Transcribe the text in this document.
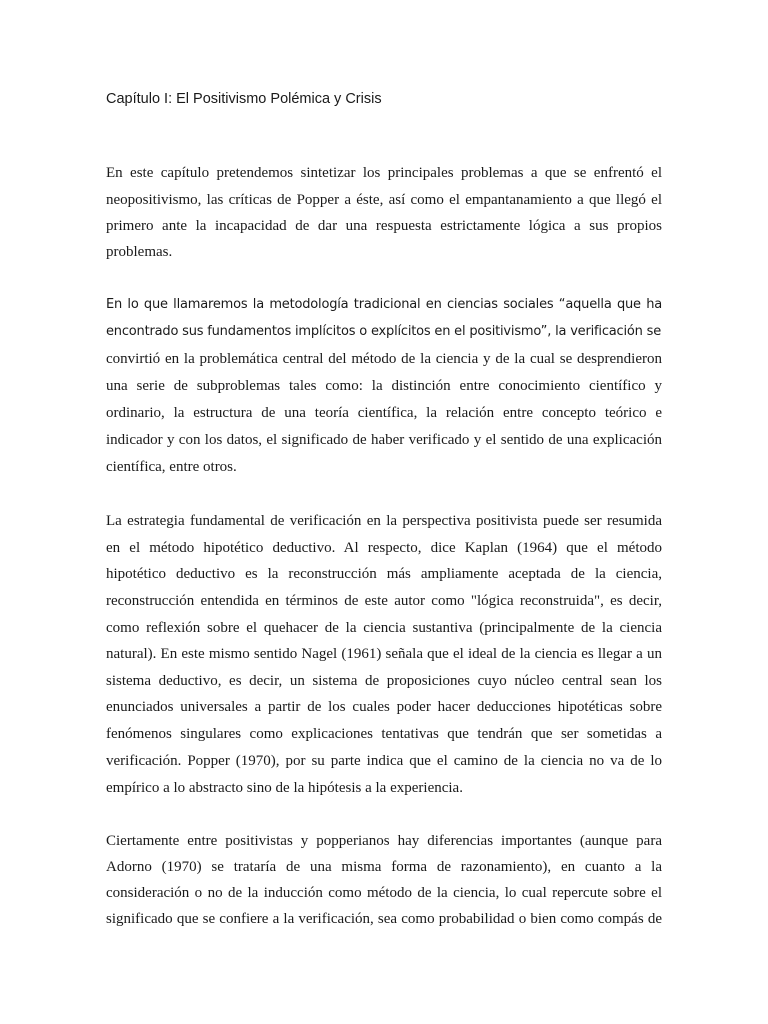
Capítulo I: El Positivismo Polémica y Crisis
En este capítulo pretendemos sintetizar los principales problemas a que se enfrentó el
neopositivismo, las críticas de Popper a éste, así como el empantanamiento a que llegó el
primero ante la incapacidad de dar una respuesta estrictamente lógica a sus propios
problemas.
En lo que llamaremos la metodología tradicional en ciencias sociales “aquella que ha
encontrado sus fundamentos implícitos o explícitos en el positivismo”, la verificación se
convirtió en la problemática central del método de la ciencia y de la cual se desprendieron
una serie de subproblemas tales como: la distinción entre conocimiento científico y
ordinario, la estructura de una teoría científica, la relación entre concepto teórico e
indicador y con los datos, el significado de haber verificado y el sentido de una explicación
científica, entre otros.
La estrategia fundamental de verificación en la perspectiva positivista puede ser resumida
en el método hipotético deductivo. Al respecto, dice Kaplan (1964) que el método
hipotético deductivo es la reconstrucción más ampliamente aceptada de la ciencia,
reconstrucción entendida en términos de este autor como "lógica reconstruida", es decir,
como reflexión sobre el quehacer de la ciencia sustantiva (principalmente de la ciencia
natural). En este mismo sentido Nagel (1961) señala que el ideal de la ciencia es llegar a un
sistema deductivo, es decir, un sistema de proposiciones cuyo núcleo central sean los
enunciados universales a partir de los cuales poder hacer deducciones hipotéticas sobre
fenómenos singulares como explicaciones tentativas que tendrán que ser sometidas a
verificación. Popper (1970), por su parte indica que el camino de la ciencia no va de lo
empírico a lo abstracto sino de la hipótesis a la experiencia.
Ciertamente entre positivistas y popperianos hay diferencias importantes (aunque para
Adorno (1970) se trataría de una misma forma de razonamiento), en cuanto a la
consideración o no de la inducción como método de la ciencia, lo cual repercute sobre el
significado que se confiere a la verificación, sea como probabilidad o bien como compás de
